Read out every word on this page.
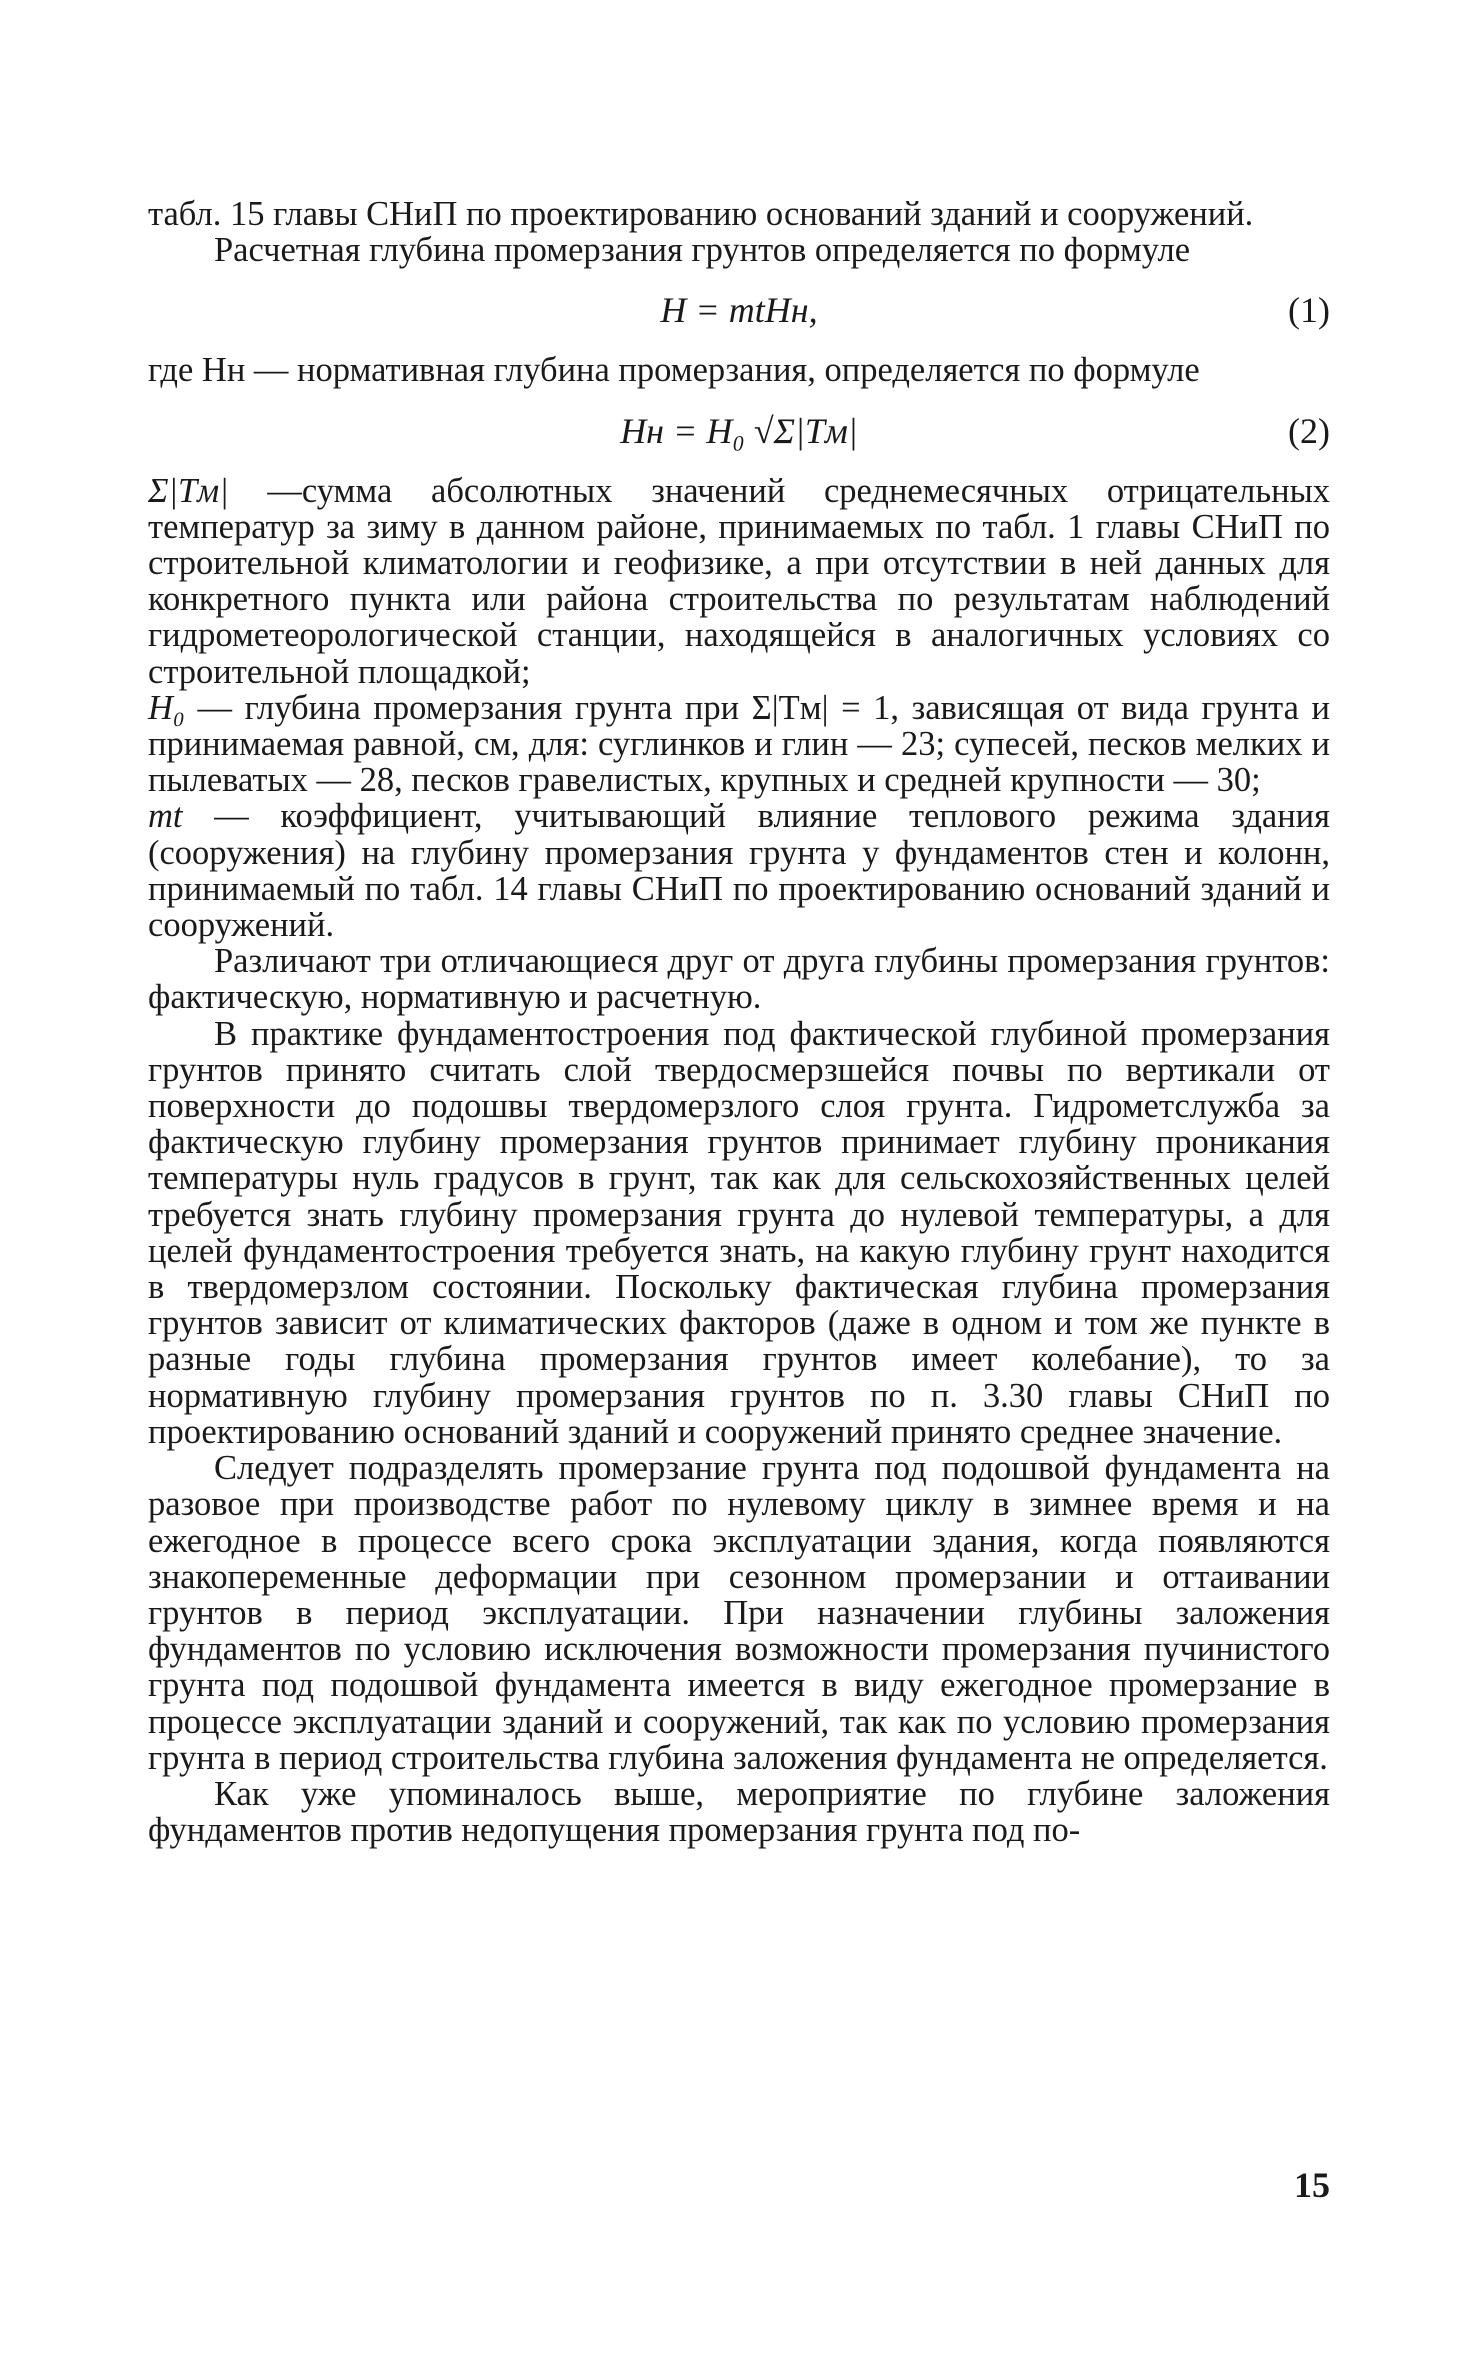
табл. 15 главы СНиП по проектированию оснований зданий и сооружений.

Расчетная глубина промерзания грунтов определяется по формуле

H = mtHн,	(1)

где Hн — нормативная глубина промерзания, определяется по формуле

Hн = H₀ √Σ|Tм|	(2)

Σ|Tм| —сумма абсолютных значений среднемесячных отрицательных температур за зиму в данном районе, принимаемых по табл. 1 главы СНиП по строительной климатологии и геофизике, а при отсутствии в ней данных для конкретного пункта или района строительства по результатам наблюдений гидрометеорологической станции, находящейся в аналогичных условиях со строительной площадкой;

H₀ — глубина промерзания грунта при Σ|Tм| = 1, зависящая от вида грунта и принимаемая равной, см, для: суглинков и глин — 23; супесей, песков мелких и пылеватых — 28, песков гравелистых, крупных и средней крупности — 30;

mt — коэффициент, учитывающий влияние теплового режима здания (сооружения) на глубину промерзания грунта у фундаментов стен и колонн, принимаемый по табл. 14 главы СНиП по проектированию оснований зданий и сооружений.

Различают три отличающиеся друг от друга глубины промерзания грунтов: фактическую, нормативную и расчетную.

В практике фундаментостроения под фактической глубиной промерзания грунтов принято считать слой твердосмерзшейся почвы по вертикали от поверхности до подошвы твердомерзлого слоя грунта. Гидрометслужба за фактическую глубину промерзания грунтов принимает глубину проникания температуры нуль градусов в грунт, так как для сельскохозяйственных целей требуется знать глубину промерзания грунта до нулевой температуры, а для целей фундаментостроения требуется знать, на какую глубину грунт находится в твердомерзлом состоянии. Поскольку фактическая глубина промерзания грунтов зависит от климатических факторов (даже в одном и том же пункте в разные годы глубина промерзания грунтов имеет колебание), то за нормативную глубину промерзания грунтов по п. 3.30 главы СНиП по проектированию оснований зданий и сооружений принято среднее значение.

Следует подразделять промерзание грунта под подошвой фундамента на разовое при производстве работ по нулевому циклу в зимнее время и на ежегодное в процессе всего срока эксплуатации здания, когда появляются знакопеременные деформации при сезонном промерзании и оттаивании грунтов в период эксплуатации. При назначении глубины заложения фундаментов по условию исключения возможности промерзания пучинистого грунта под подошвой фундамента имеется в виду ежегодное промерзание в процессе эксплуатации зданий и сооружений, так как по условию промерзания грунта в период строительства глубина заложения фундамента не определяется.

Как уже упоминалось выше, мероприятие по глубине заложения фундаментов против недопущения промерзания грунта под по-

15
